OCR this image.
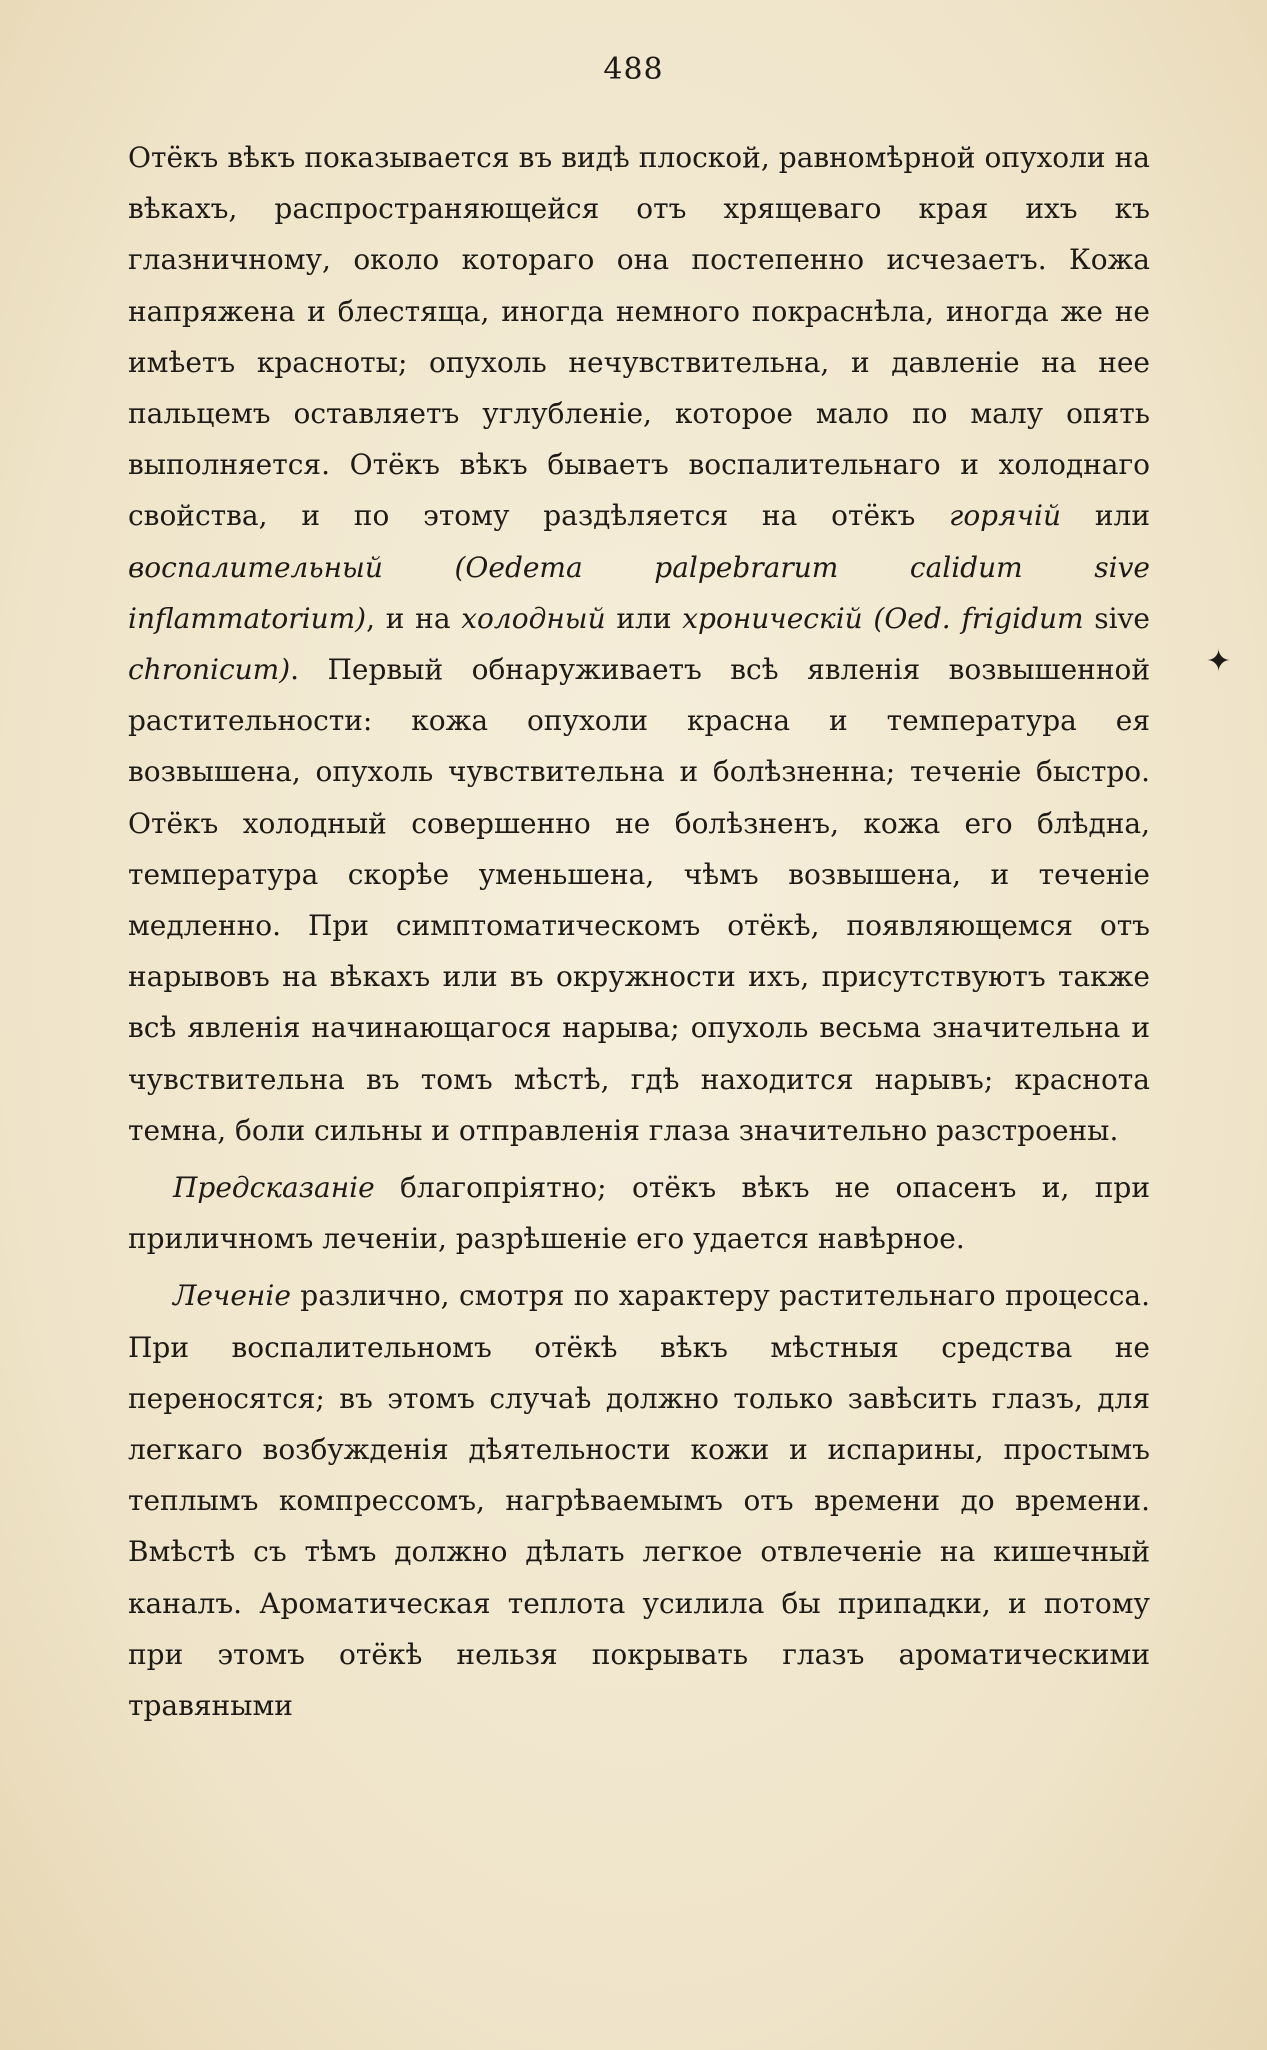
488

Отёкъ вѣкъ показывается въ видѣ плоской, равномѣрной опухоли на вѣкахъ, распространяющейся отъ хрящеваго края ихъ къ глазничному, около котораго она постепенно исчезаетъ. Кожа напряжена и блестяща, иногда немного покраснѣла, иногда же не имѣетъ красноты; опухоль нечувствительна, и давленіе на нее пальцемъ оставляетъ углубленіе, которое мало по малу опять выполняется. Отёкъ вѣкъ бываетъ воспалительнаго и холоднаго свойства, и по этому раздѣляется на отёкъ горячій или воспалительный (Oedema palpebrarum calidum sive inflammatorium), и на холодный или хроническій (Oed. frigidum sive chronicum). Первый обнаруживаетъ всѣ явленія возвышенной растительности: кожа опухоли красна и температура ея возвышена, опухоль чувствительна и болѣзненна; теченіе быстро. Отёкъ холодный совершенно не болѣзненъ, кожа его блѣдна, температура скорѣе уменьшена, чѣмъ возвышена, и теченіе медленно. При симптоматическомъ отёкѣ, появляющемся отъ нарывовъ на вѣкахъ или въ окружности ихъ, присутствуютъ также всѣ явленія начинающагося нарыва; опухоль весьма значительна и чувствительна въ томъ мѣстѣ, гдѣ находится нарывъ; краснота темна, боли сильны и отправленія глаза значительно разстроены.

Предсказаніе благопріятно; отёкъ вѣкъ не опасенъ и, при приличномъ леченіи, разрѣшеніе его удается навѣрное.

Леченіе различно, смотря по характеру растительнаго процесса. При воспалительномъ отёкѣ вѣкъ мѣстныя средства не переносятся; въ этомъ случаѣ должно только завѣсить глазъ, для легкаго возбужденія дѣятельности кожи и испарины, простымъ теплымъ компрессомъ, нагрѣваемымъ отъ времени до времени. Вмѣстѣ съ тѣмъ должно дѣлать легкое отвлеченіе на кишечный каналъ. Ароматическая теплота усилила бы припадки, и потому при этомъ отёкѣ нельзя покрывать глазъ ароматическими травяными

✦
